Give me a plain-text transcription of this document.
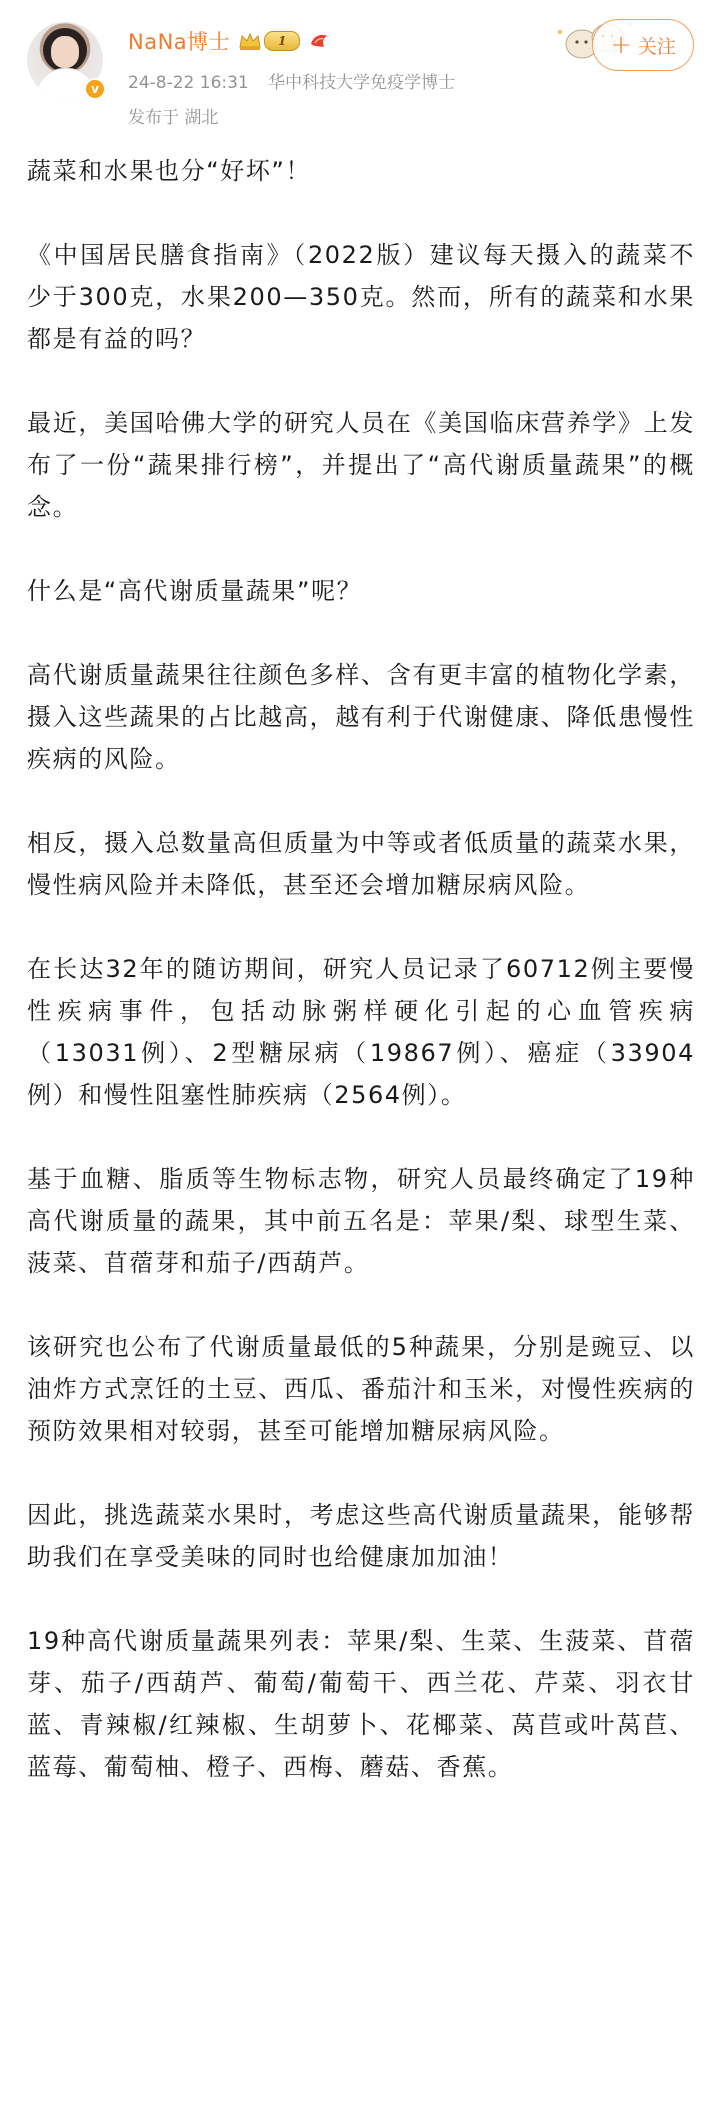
v
NaNa博士	1
24-8-22 16:31 华中科技大学免疫学博士
发布于 湖北
+ 关注

蔬菜和水果也分“好坏”！

《中国居民膳食指南》（2022版）建议每天摄入的蔬菜不少于300克，水果200—350克。然而，所有的蔬菜和水果都是有益的吗？

最近，美国哈佛大学的研究人员在《美国临床营养学》上发布了一份“蔬果排行榜”，并提出了“高代谢质量蔬果”的概念。

什么是“高代谢质量蔬果”呢？

高代谢质量蔬果往往颜色多样、含有更丰富的植物化学素，摄入这些蔬果的占比越高，越有利于代谢健康、降低患慢性疾病的风险。

相反，摄入总数量高但质量为中等或者低质量的蔬菜水果，慢性病风险并未降低，甚至还会增加糖尿病风险。

在长达32年的随访期间，研究人员记录了60712例主要慢性疾病事件，包括动脉粥样硬化引起的心血管疾病（13031例）、2型糖尿病（19867例）、癌症（33904例）和慢性阻塞性肺疾病（2564例）。

基于血糖、脂质等生物标志物，研究人员最终确定了19种高代谢质量的蔬果，其中前五名是：苹果/梨、球型生菜、菠菜、苜蓿芽和茄子/西葫芦。

该研究也公布了代谢质量最低的5种蔬果，分别是豌豆、以油炸方式烹饪的土豆、西瓜、番茄汁和玉米，对慢性疾病的预防效果相对较弱，甚至可能增加糖尿病风险。

因此，挑选蔬菜水果时，考虑这些高代谢质量蔬果，能够帮助我们在享受美味的同时也给健康加加油！

19种高代谢质量蔬果列表：苹果/梨、生菜、生菠菜、苜蓿芽、茄子/西葫芦、葡萄/葡萄干、西兰花、芹菜、羽衣甘蓝、青辣椒/红辣椒、生胡萝卜、花椰菜、莴苣或叶莴苣、蓝莓、葡萄柚、橙子、西梅、蘑菇、香蕉。
